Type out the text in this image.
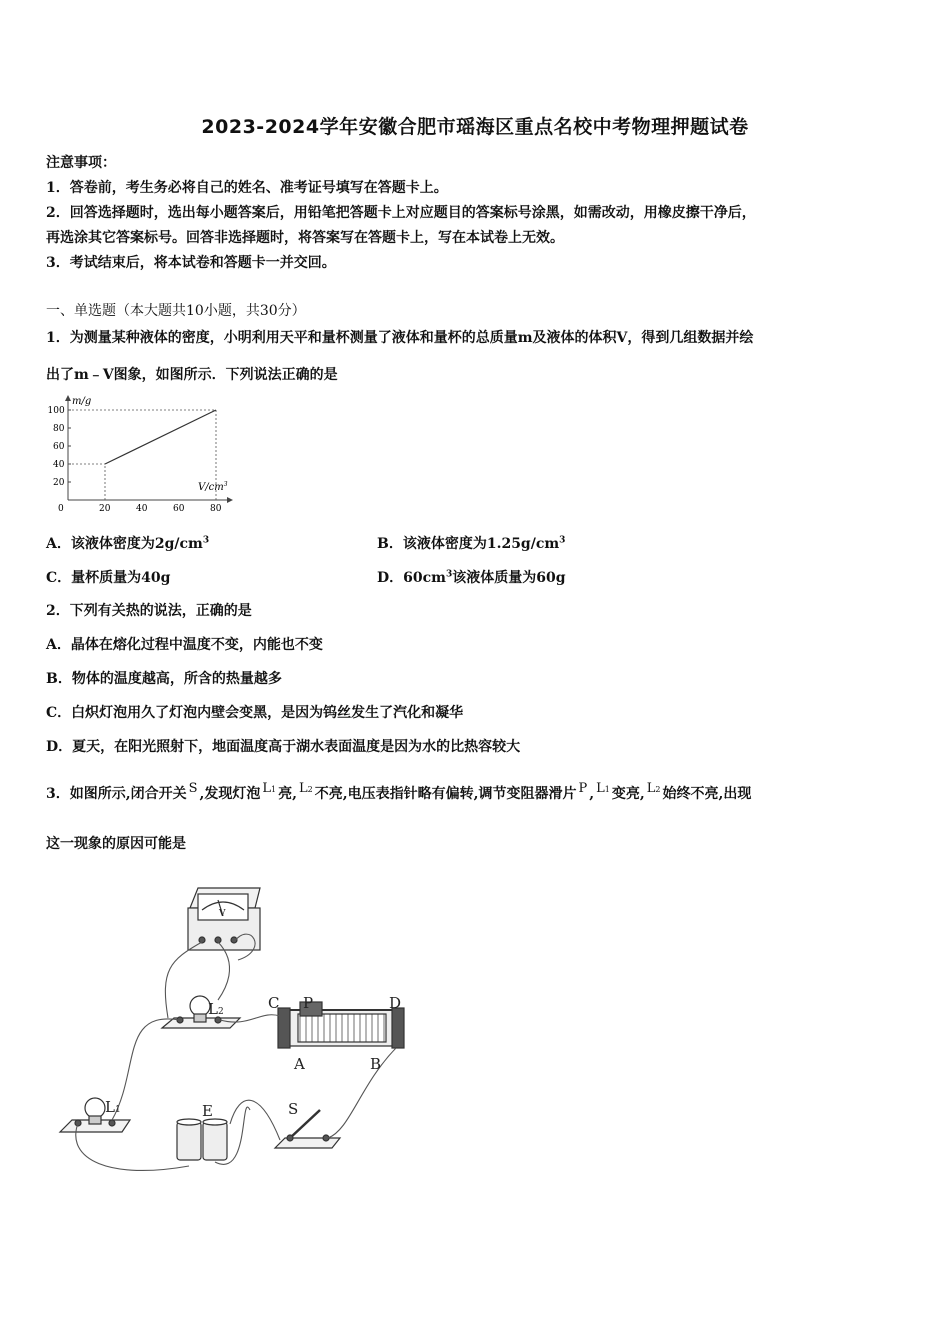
2023-2024学年安徽合肥市瑶海区重点名校中考物理押题试卷
注意事项：
1．答卷前，考生务必将自己的姓名、准考证号填写在答题卡上。
2．回答选择题时，选出每小题答案后，用铅笔把答题卡上对应题目的答案标号涂黑，如需改动，用橡皮擦干净后，
再选涂其它答案标号。回答非选择题时，将答案写在答题卡上，写在本试卷上无效。
3．考试结束后，将本试卷和答题卡一并交回。
一、单选题（本大题共10小题，共30分）
1．为测量某种液体的密度，小明利用天平和量杯测量了液体和量杯的总质量m及液体的体积V，得到几组数据并绘
出了m﹣V图象，如图所示．下列说法正确的是
20	40	60	80
20
40
60
80
100
m/g
$V/cm^3$
0
A．该液体密度为$2g/cm^3$	B．该液体密度为$1.25g/cm^3$
C．量杯质量为40g	D．$60cm^3$该液体质量为60g
2．下列有关热的说法，正确的是
A．晶体在熔化过程中温度不变，内能也不变
B．物体的温度越高，所含的热量越多
C．白炽灯泡用久了灯泡内壁会变黑，是因为钨丝发生了汽化和凝华
D．夏天，在阳光照射下，地面温度高于湖水表面温度是因为水的比热容较大
3．如图所示,闭合开关 S ,发现灯泡 L1 亮, L2 不亮,电压表指针略有偏转,调节变阻器滑片 P , L1 变亮, L2 始终不亮,出现
这一现象的原因可能是
V
L2	C P	D
A	B
L1	E	S
